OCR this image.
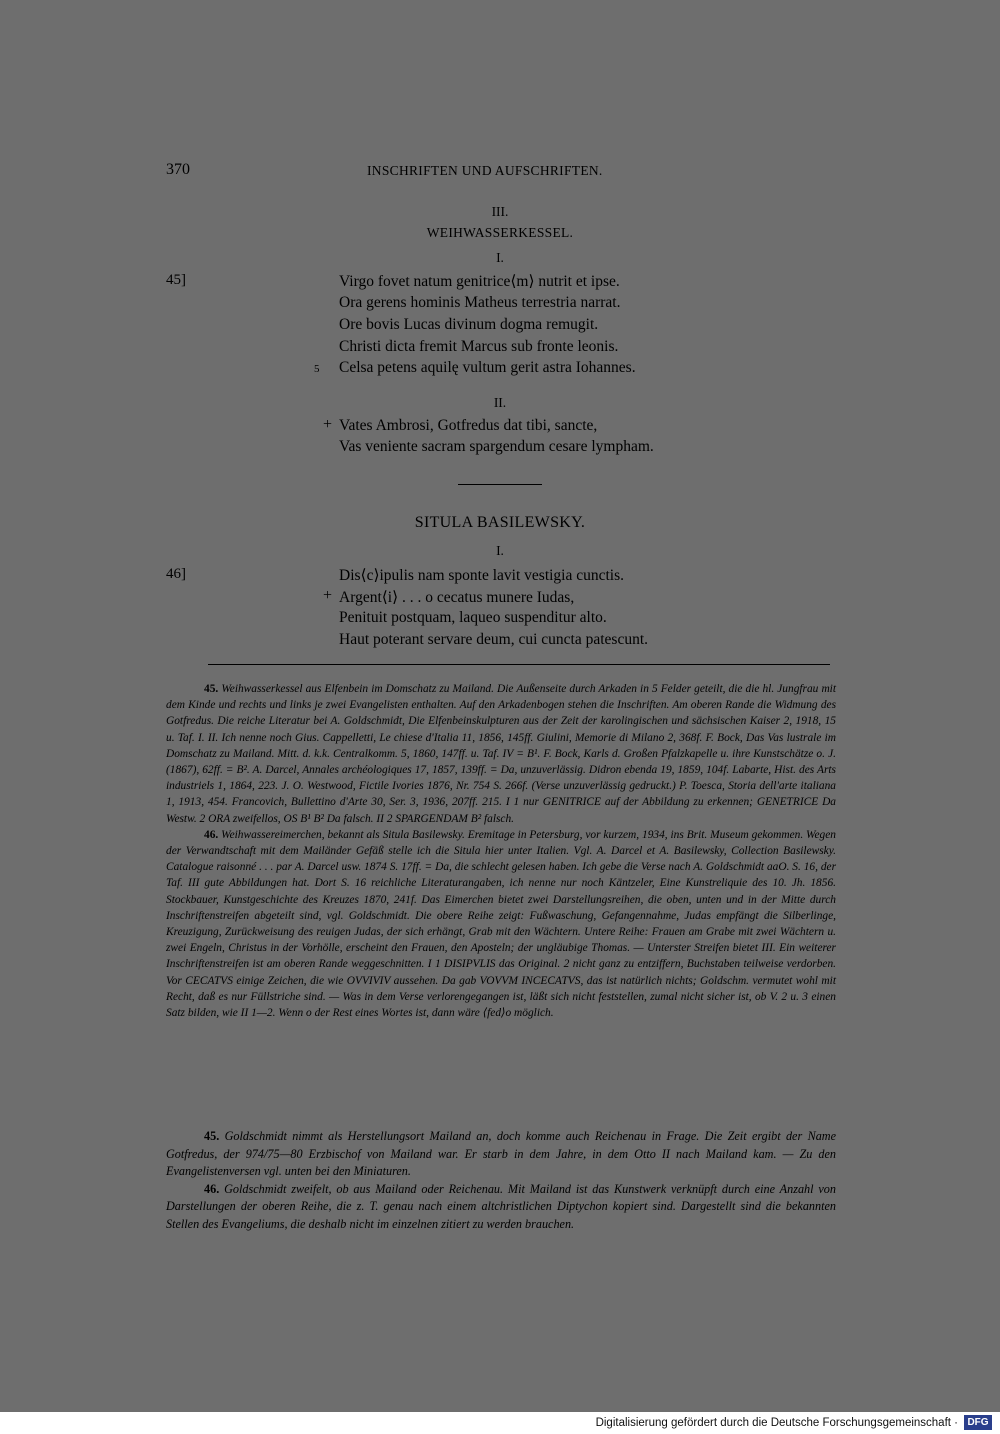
370	INSCHRIFTEN UND AUFSCHRIFTEN.
III.
WEIHWASSERKESSEL.
I.
45]	Virgo fovet natum genitrice⟨m⟩ nutrit et ipse.
Ora gerens hominis Matheus terrestria narrat.
Ore bovis Lucas divinum dogma remugit.
Christi dicta fremit Marcus sub fronte leonis.
5 Celsa petens aquilę vultum gerit astra Iohannes.
II.
+ Vates Ambrosi, Gotfredus dat tibi, sancte,
Vas veniente sacram spargendum cesare lympham.
SITULA BASILEWSKY.
I.
46]	Dis⟨c⟩ipulis nam sponte lavit vestigia cunctis.
+ Argent⟨i⟩ . . . o cecatus munere Iudas,
Penituit postquam, laqueo suspenditur alto.
Haut poterant servare deum, cui cuncta patescunt.

45. Weihwasserkessel aus Elfenbein im Domschatz zu Mailand. Die Außenseite durch Arkaden in 5 Felder geteilt, die die hl. Jungfrau mit dem Kinde und rechts und links je zwei Evangelisten enthalten. Auf den Arkadenbogen stehen die Inschriften. Am oberen Rande die Widmung des Gotfredus. Die reiche Literatur bei A. Goldschmidt, Die Elfenbeinskulpturen aus der Zeit der karolingischen und sächsischen Kaiser 2, 1918, 15 u. Taf. I. II. Ich nenne noch Gius. Cappelletti, Le chiese d'Italia 11, 1856, 145ff. Giulini, Memorie di Milano 2, 368f. F. Bock, Das Vas lustrale im Domschatz zu Mailand. Mitt. d. k.k. Centralkomm. 5, 1860, 147ff. u. Taf. IV = B¹. F. Bock, Karls d. Großen Pfalzkapelle u. ihre Kunstschätze o. J. (1867), 62ff. = B². A. Darcel, Annales archéologiques 17, 1857, 139ff. = Da, unzuverlässig. Didron ebenda 19, 1859, 104f. Labarte, Hist. des Arts industriels 1, 1864, 223. J. O. Westwood, Fictile Ivories 1876, Nr. 754 S. 266f. (Verse unzuverlässig gedruckt.) P. Toesca, Storia dell'arte italiana 1, 1913, 454. Francovich, Bullettino d'Arte 30, Ser. 3, 1936, 207ff. 215. I 1 nur GENITRICE auf der Abbildung zu erkennen; GENETRICE Da Westw. 2 ORA zweifellos, OS B¹ B² Da falsch. II 2 SPARGENDAM B² falsch.

46. Weihwassereimerchen, bekannt als Situla Basilewsky. Eremitage in Petersburg, vor kurzem, 1934, ins Brit. Museum gekommen. Wegen der Verwandtschaft mit dem Mailänder Gefäß stelle ich die Situla hier unter Italien. Vgl. A. Darcel et A. Basilewsky, Collection Basilewsky. Catalogue raisonné . . . par A. Darcel usw. 1874 S. 17ff. = Da, die schlecht gelesen haben. Ich gebe die Verse nach A. Goldschmidt aaO. S. 16, der Taf. III gute Abbildungen hat. Dort S. 16 reichliche Literaturangaben, ich nenne nur noch Käntzeler, Eine Kunstreliquie des 10. Jh. 1856. Stockbauer, Kunstgeschichte des Kreuzes 1870, 241f. Das Eimerchen bietet zwei Darstellungsreihen, die oben, unten und in der Mitte durch Inschriftenstreifen abgeteilt sind, vgl. Goldschmidt. Die obere Reihe zeigt: Fußwaschung, Gefangennahme, Judas empfängt die Silberlinge, Kreuzigung, Zurückweisung des reuigen Judas, der sich erhängt, Grab mit den Wächtern. Untere Reihe: Frauen am Grabe mit zwei Wächtern u. zwei Engeln, Christus in der Vorhölle, erscheint den Frauen, den Aposteln; der ungläubige Thomas. — Unterster Streifen bietet III. Ein weiterer Inschriftenstreifen ist am oberen Rande weggeschnitten. I 1 DISIPVLIS das Original. 2 nicht ganz zu entziffern, Buchstaben teilweise verdorben. Vor CECATVS einige Zeichen, die wie OVVIVIV aussehen. Da gab VOVVM INCECATVS, das ist natürlich nichts; Goldschm. vermutet wohl mit Recht, daß es nur Füllstriche sind. — Was in dem Verse verlorengegangen ist, läßt sich nicht feststellen, zumal nicht sicher ist, ob V. 2 u. 3 einen Satz bilden, wie II 1—2. Wenn o der Rest eines Wortes ist, dann wäre ⟨fed⟩o möglich.

45. Goldschmidt nimmt als Herstellungsort Mailand an, doch komme auch Reichenau in Frage. Die Zeit ergibt der Name Gotfredus, der 974/75—80 Erzbischof von Mailand war. Er starb in dem Jahre, in dem Otto II nach Mailand kam. — Zu den Evangelistenversen vgl. unten bei den Miniaturen.

46. Goldschmidt zweifelt, ob aus Mailand oder Reichenau. Mit Mailand ist das Kunstwerk verknüpft durch eine Anzahl von Darstellungen der oberen Reihe, die z. T. genau nach einem altchristlichen Diptychon kopiert sind. Dargestellt sind die bekannten Stellen des Evangeliums, die deshalb nicht im einzelnen zitiert zu werden brauchen.

Digitalisierung gefördert durch die Deutsche Forschungsgemeinschaft · DFG
